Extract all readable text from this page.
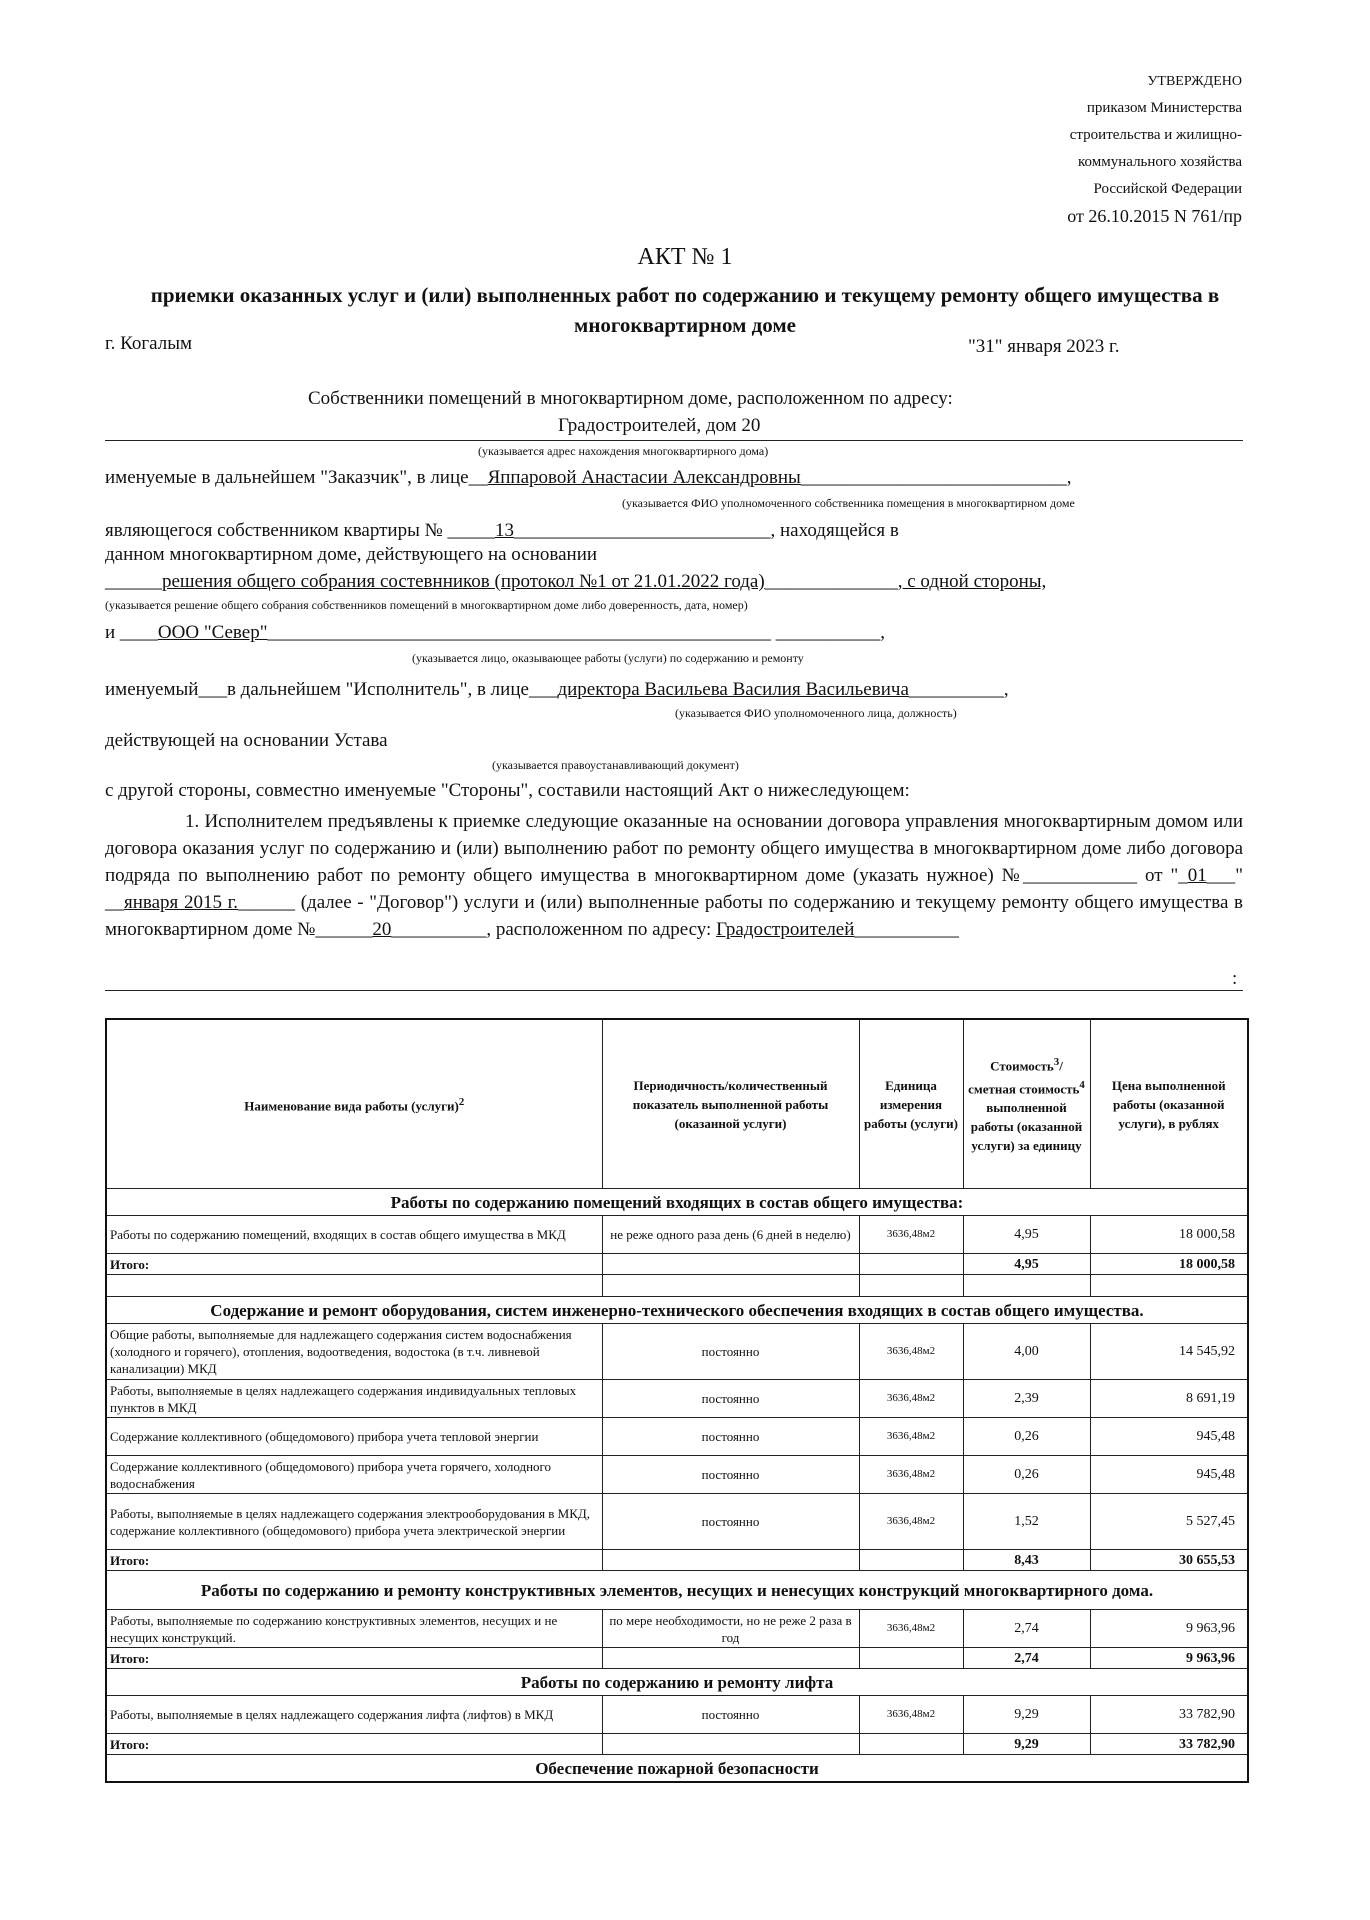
УТВЕРЖДЕНО
приказом Министерства
строительства и жилищно-
коммунального хозяйства
Российской Федерации
от 26.10.2015 N 761/пр
АКТ № 1
приемки оказанных услуг и (или) выполненных работ по содержанию и текущему ремонту общего имущества в многоквартирном доме
г. Когалым	"31" января 2023 г.
Собственники помещений в многоквартирном доме, расположенном по адресу:
Градостроителей, дом 20
(указывается адрес нахождения многоквартирного дома)
именуемые в дальнейшем "Заказчик", в лице__Яппаровой Анастасии Александровны____________________________,
(указывается ФИО уполномоченного собственника помещения в многоквартирном доме
являющегося собственником квартиры № _____13___________________________, находящейся в
данном многоквартирном доме, действующего на основании
______решения общего собрания состевнников (протокол №1 от 21.01.2022 года)______________, с одной стороны,
(указывается решение общего собрания собственников помещений в многоквартирном доме либо доверенность, дата, номер)
и ____ООО "Север"_____________________________________________________ ___________,
(указывается лицо, оказывающее работы (услуги) по содержанию и ремонту
именуемый___в дальнейшем "Исполнитель", в лице___директора Васильева Василия Васильевича__________,
(указывается ФИО уполномоченного лица, должность)
действующей на основании Устава
(указывается правоустанавливающий документ)
с другой стороны, совместно именуемые "Стороны", составили настоящий Акт о нижеследующем:
1. Исполнителем предъявлены к приемке следующие оказанные на основании договора управления многоквартирным домом или договора оказания услуг по содержанию и (или) выполнению работ по ремонту общего имущества в многоквартирном доме либо договора подряда по выполнению работ по ремонту общего имущества в многоквартирном доме (указать нужное) №____________ от "_01___" __января 2015 г.______ (далее - "Договор") услуги и (или) выполненные работы по содержанию и текущему ремонту общего имущества в многоквартирном доме №______20__________, расположенном по адресу: Градостроителей___________
:
Наименование вида работы (услуги)$^2$	Периодичность/количественный показатель выполненной работы (оказанной услуги)	Единица измерения работы (услуги)	Стоимость$^3$/сметная стоимость$^4$ выполненной работы (оказанной услуги) за единицу	Цена выполненной работы (оказанной услуги), в рублях
Работы по содержанию помещений входящих в состав общего имущества:				
Работы по содержанию помещений, входящих в состав общего имущества в МКД	не реже одного раза день (6 дней в неделю)	3636,48м2	4,95	18 000,58
Итого:			4,95	18 000,58

Содержание и ремонт оборудования, систем инженерно-технического обеспечения входящих в состав общего имущества.				
Общие работы, выполняемые для надлежащего содержания систем водоснабжения (холодного и горячего), отопления, водоотведения, водостока (в т.ч. ливневой канализации) МКД	постоянно	3636,48м2	4,00	14 545,92
Работы, выполняемые в целях надлежащего содержания индивидуальных тепловых пунктов в МКД	постоянно	3636,48м2	2,39	8 691,19
Содержание коллективного (общедомового) прибора учета тепловой энергии	постоянно	3636,48м2	0,26	945,48
Содержание коллективного (общедомового) прибора учета горячего, холодного водоснабжения	постоянно	3636,48м2	0,26	945,48
Работы, выполняемые в целях надлежащего содержания электрооборудования в МКД, содержание коллективного (общедомового) прибора учета электрической энергии	постоянно	3636,48м2	1,52	5 527,45
Итого:			8,43	30 655,53
Работы по содержанию и ремонту конструктивных элементов, несущих и ненесущих конструкций многоквартирного дома.				
Работы, выполняемые по содержанию конструктивных элементов, несущих и не несущих конструкций.	по мере необходимости, но не реже 2 раза в год	3636,48м2	2,74	9 963,96
Итого:			2,74	9 963,96
Работы по содержанию и ремонту лифта				
Работы, выполняемые в целях надлежащего содержания лифта (лифтов) в МКД	постоянно	3636,48м2	9,29	33 782,90
Итого:			9,29	33 782,90
Обеспечение пожарной безопасности				
